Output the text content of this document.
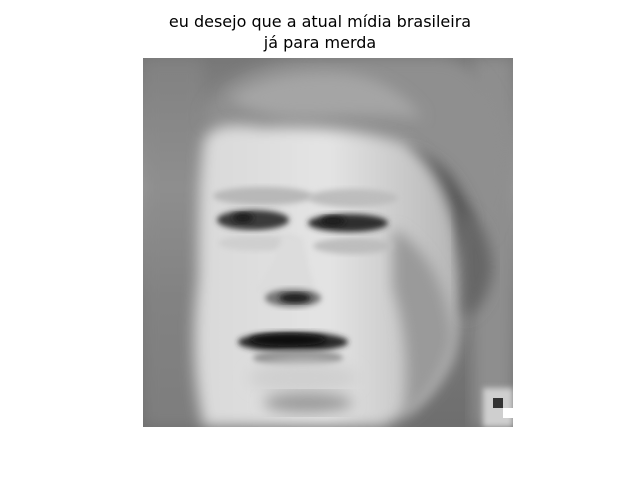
eu desejo que a atual mídia brasileira
já para merda
